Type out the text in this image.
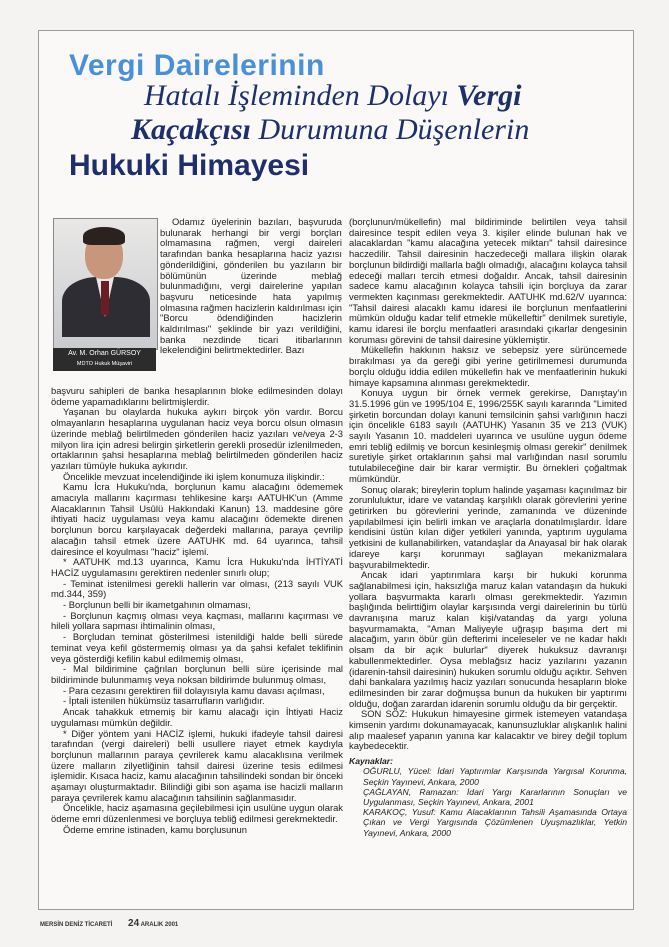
Vergi Dairelerinin
Hatalı İşleminden Dolayı Vergi
Kaçakçısı Durumuna Düşenlerin
Hukuki Himayesi
Av. M. Orhan GÜRSOY
MDTO Hukuk Müşaviri

Odamız üyelerinin bazıları, başvuruda bulunarak herhangi bir vergi borçları olmamasına rağmen, vergi daireleri tarafından banka hesaplarına haciz yazısı gönderildiğini, gönderilen bu yazıların bir bölümünün üzerinde meblağ bulunmadığını, vergi dairelerine yapılan başvuru neticesinde hata yapılmış olmasına rağmen hacizlerin kaldırılması için "Borcu ödendiğinden hacizlerin kaldırılması" şeklinde bir yazı verildiğini, banka nezdinde ticari itibarlarının lekelendiğini belirtmektedirler. Bazı

başvuru sahipleri de banka hesaplarının bloke edilmesinden dolayı ödeme yapamadıklarını belirtmişlerdir.

Yaşanan bu olaylarda hukuka aykırı birçok yön vardır. Borcu olmayanların hesaplarına uygulanan haciz veya borcu olsun olmasın üzerinde meblağ belirtilmeden gönderilen haciz yazıları ve/veya 2-3 milyon lira için adresi belirgin şirketlerin gerekli prosedür izlenilmeden, ortaklarının şahsi hesaplarına meblağ belirtilmeden gönderilen haciz yazıları tümüyle hukuka aykırıdır.

Öncelikle mevzuat incelendiğinde iki işlem konumuza ilişkindir.:

Kamu İcra Hukuku'nda, borçlunun kamu alacağını ödememek amacıyla mallarını kaçırması tehlikesine karşı AATUHK'un (Amme Alacaklarının Tahsil Usûlü Hakkındaki Kanun) 13. maddesine göre ihtiyati haciz uygulaması veya kamu alacağını ödemekte direnen borçlunun borcu karşılayacak değerdeki mallarına, paraya çevrilip alacağın tahsil etmek üzere AATUHK md. 64 uyarınca, tahsil dairesince el koyulması "haciz" işlemi.

* AATUHK md.13 uyarınca, Kamu İcra Hukuku'nda İHTİYATİ HACİZ uygulamasını gerektiren nedenler sınırlı olup;

- Teminat istenilmesi gerekli hallerin var olması, (213 sayılı VUK md.344, 359)

- Borçlunun belli bir ikametgahının olmaması,

- Borçlunun kaçmış olması veya kaçması, mallarını kaçırması ve hileli yollara sapması ihtimalinin olması,

- Borçludan teminat gösterilmesi istenildiği halde belli sürede teminat veya kefil göstermemiş olması ya da şahsi kefalet teklifinin veya gösterdiği kefilin kabul edilmemiş olması,

- Mal bildirimine çağrılan borçlunun belli süre içerisinde mal bildiriminde bulunmamış veya noksan bildirimde bulunmuş olması,

- Para cezasını gerektiren fiil dolayısıyla kamu davası açılması,

- İptali istenilen hükümsüz tasarrufların varlığıdır.

Ancak tahakkuk etmemiş bir kamu alacağı için İhtiyati Haciz uygulaması mümkün değildir.

* Diğer yöntem yani HACİZ işlemi, hukuki ifadeyle tahsil dairesi tarafından (vergi daireleri) belli usullere riayet etmek kaydıyla borçlunun mallarının paraya çevrilerek kamu alacaklısına verilmek üzere malların zilyetliğinin tahsil dairesi üzerine tesis edilmesi işlemidir. Kısaca haciz, kamu alacağının tahsilindeki sondan bir önceki aşamayı oluşturmaktadır. Bilindiği gibi son aşama ise hacizli malların paraya çevrilerek kamu alacağının tahsilinin sağlanmasıdır.

Öncelikle, haciz aşamasına geçilebilmesi için usulüne uygun olarak ödeme emri düzenlenmesi ve borçluya tebliğ edilmesi gerekmektedir.

Ödeme emrine istinaden, kamu borçlusunun

(borçlunun/mükellefin) mal bildiriminde belirtilen veya tahsil dairesince tespit edilen veya 3. kişiler elinde bulunan hak ve alacaklardan "kamu alacağına yetecek miktarı" tahsil dairesince haczedilir. Tahsil dairesinin haczedeceği mallara ilişkin olarak borçlunun bildirdiği mallarla bağlı olmadığı, alacağını kolayca tahsil edeceği malları tercih etmesi doğaldır. Ancak, tahsil dairesinin sadece kamu alacağının kolayca tahsili için borçluya da zarar vermekten kaçınması gerekmektedir. AATUHK md.62/V uyarınca: "Tahsil dairesi alacaklı kamu idaresi ile borçlunun menfaatlerini mümkün olduğu kadar telif etmekle mükelleftir" denilmek suretiyle, kamu idaresi ile borçlu menfaatleri arasındaki çıkarlar dengesinin koruması görevini de tahsil dairesine yüklemiştir.

Mükellefin hakkının haksız ve sebepsiz yere sürüncemede bırakılması ya da gereği gibi yerine getirilmemesi durumunda borçlu olduğu iddia edilen mükellefin hak ve menfaatlerinin hukuki himaye kapsamına alınması gerekmektedir.

Konuya uygun bir örnek vermek gerekirse, Danıştay'ın 31.5.1996 gün ve 1995/104 E, 1996/255K sayılı kararında "Limited şirketin borcundan dolayı kanuni temsilcinin şahsi varlığının haczi için öncelikle 6183 sayılı (AATUHK) Yasanın 35 ve 213 (VUK) sayılı Yasanın 10. maddeleri uyarınca ve usulüne uygun ödeme emri tebliğ edilmiş ve borcun kesinleşmiş olması gerekir" denilmek suretiyle şirket ortaklarının şahsi mal varlığından nasıl sorumlu tutulabileceğine dair bir karar vermiştir. Bu örnekleri çoğaltmak mümkündür.

Sonuç olarak; bireylerin toplum halinde yaşaması kaçınılmaz bir zorunluluktur, idare ve vatandaş karşılıklı olarak görevlerini yerine getirirken bu görevlerini yerinde, zamanında ve düzeninde yapılabilmesi için belirli imkan ve araçlarla donatılmışlardır. İdare kendisini üstün kılan diğer yetkileri yanında, yaptırım uygulama yetkisini de kullanabilirken, vatandaşlar da Anayasal bir hak olarak idareye karşı korunmayı sağlayan mekanizmalara başvurabilmektedir.

Ancak idari yaptırımlara karşı bir hukuki korunma sağlanabilmesi için, haksızlığa maruz kalan vatandaşın da hukuki yollara başvurmakta kararlı olması gerekmektedir. Yazımın başlığında belirttiğim olaylar karşısında vergi dairelerinin bu türlü davranışına maruz kalan kişi/vatandaş da yargı yoluna başvurmamakta, "Aman Maliyeyle uğraşıp başıma dert mi alacağım, yarın öbür gün defterimi inceleseler ve ne kadar haklı olsam da bir açık bulurlar" diyerek hukuksuz davranışı kabullenmektedirler. Oysa meblağsız haciz yazılarını yazanın (idarenin-tahsil dairesinin) hukuken sorumlu olduğu açıktır. Sehven dahi bankalara yazılmış haciz yazıları sonucunda hesapların bloke edilmesinden bir zarar doğmuşsa bunun da hukuken bir yaptırımı olduğu, doğan zarardan idarenin sorumlu olduğu da bir gerçektir.

SON SÖZ: Hukukun himayesine girmek istemeyen vatandaşa kimsenin yardımı dokunamayacak, kanunsuzluklar alışkanlık halini alıp maalesef yapanın yanına kar kalacaktır ve birey değil toplum kaybedecektir.

Kaynaklar:
OĞURLU, Yücel: İdari Yaptırımlar Karşısında Yargısal Korunma, Seçkin Yayınevi, Ankara, 2000
ÇAĞLAYAN, Ramazan: İdari Yargı Kararlarının Sonuçları ve Uygulanması, Seçkin Yayınevi, Ankara, 2001
KARAKOÇ, Yusuf: Kamu Alacaklarının Tahsili Aşamasında Ortaya Çıkan ve Vergi Yargısında Çözümlenen Uyuşmazlıklar, Yetkin Yayınevi, Ankara, 2000
MERSİN DENİZ TİCARETİ 24 ARALIK 2001
